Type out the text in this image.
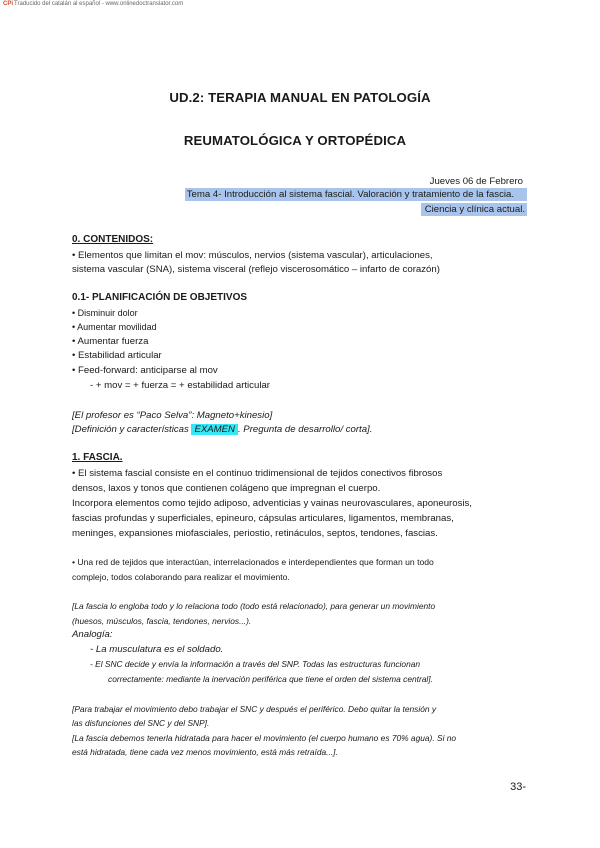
CPiTraducido del catalán al español - www.onlinedoctranslator.com
UD.2: TERAPIA MANUAL EN PATOLOGÍA
REUMATOLÓGICA Y ORTOPÉDICA
Jueves 06 de Febrero
Tema 4- Introducción al sistema fascial. Valoración y tratamiento de la fascia.
Ciencia y clínica actual.
0. CONTENIDOS:
• Elementos que limitan el mov: músculos, nervios (sistema vascular), articulaciones,
sistema vascular (SNA), sistema visceral (reflejo viscerosomático – infarto de corazón)
0.1- PLANIFICACIÓN DE OBJETIVOS
• Disminuir dolor
• Aumentar movilidad
• Aumentar fuerza
• Estabilidad articular
• Feed-forward: anticiparse al mov
- + mov = + fuerza = + estabilidad articular
[El profesor es “Paco Selva”: Magneto+kinesio]
[Definición y características EXAMEN . Pregunta de desarrollo/ corta].
1. FASCIA.
• El sistema fascial consiste en el continuo tridimensional de tejidos conectivos fibrosos
densos, laxos y tonos que contienen colágeno que impregnan el cuerpo.
Incorpora elementos como tejido adiposo, adventicias y vainas neurovasculares, aponeurosis,
fascias profundas y superficiales, epineuro, cápsulas articulares, ligamentos, membranas,
meninges, expansiones miofasciales, periostio, retináculos, septos, tendones, fascias.
• Una red de tejidos que interactúan, interrelacionados e interdependientes que forman un todo
complejo, todos colaborando para realizar el movimiento.
[La fascia lo engloba todo y lo relaciona todo (todo está relacionado), para generar un movimiento
(huesos, músculos, fascia, tendones, nervios...).
Analogía:
- La musculatura es el soldado.
- El SNC decide y envía la información a través del SNP. Todas las estructuras funcionan
correctamente: mediante la inervación periférica que tiene el orden del sistema central].
[Para trabajar el movimiento debo trabajar el SNC y después el periférico. Debo quitar la tensión y
las disfunciones del SNC y del SNP].
[La fascia debemos tenerla hidratada para hacer el movimiento (el cuerpo humano es 70% agua). Si no
está hidratada, tiene cada vez menos movimiento, está más retraída...].
33-
